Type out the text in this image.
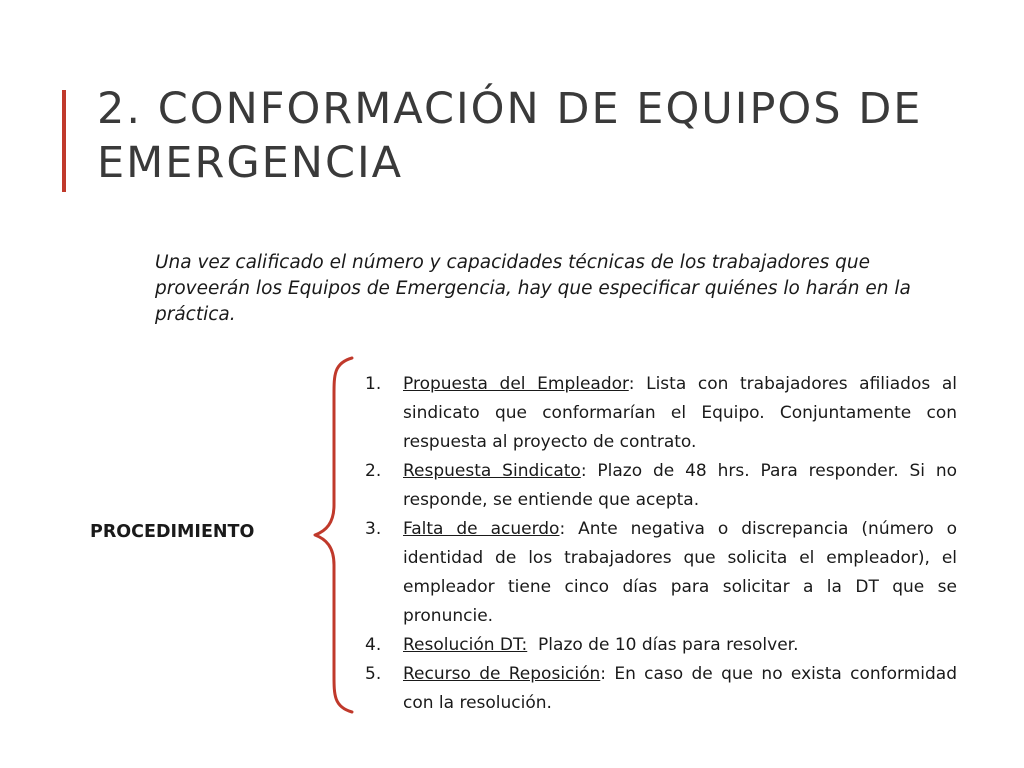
2. CONFORMACIÓN DE EQUIPOS DE
EMERGENCIA

Una vez calificado el número y capacidades técnicas de los trabajadores que proveerán los Equipos de Emergencia, hay que especificar quiénes lo harán en la práctica.

PROCEDIMIENTO

1. Propuesta del Empleador: Lista con trabajadores afiliados al sindicato que conformarían el Equipo. Conjuntamente con respuesta al proyecto de contrato.
2. Respuesta Sindicato: Plazo de 48 hrs. Para responder. Si no responde, se entiende que acepta.
3. Falta de acuerdo: Ante negativa o discrepancia (número o identidad de los trabajadores que solicita el empleador), el empleador tiene cinco días para solicitar a la DT que se pronuncie.
4. Resolución DT:  Plazo de 10 días para resolver.
5. Recurso de Reposición: En caso de que no exista conformidad con la resolución.
